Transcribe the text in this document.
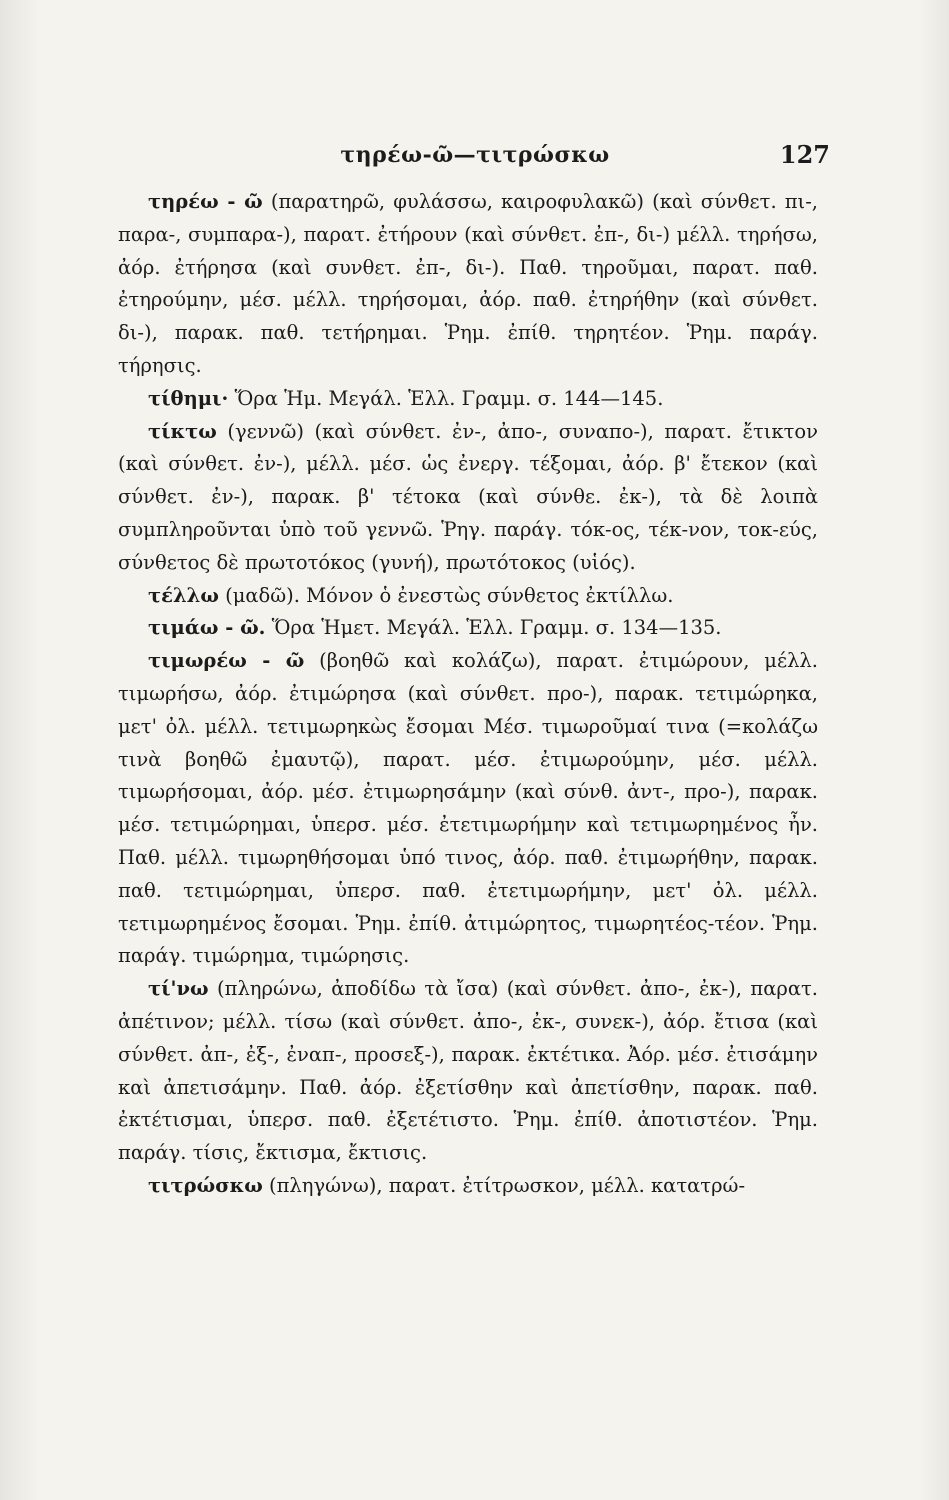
τηρέω-ῶ—τιτρώσκω	127

τηρέω - ῶ (παρατηρῶ, φυλάσσω, καιροφυλακῶ) (καὶ σύνθετ. πι-, παρα-, συμπαρα-), παρατ. ἐτήρουν (καὶ σύνθετ. ἐπ-, δι-) μέλλ. τηρήσω, ἀόρ. ἐτήρησα (καὶ συνθετ. ἐπ-, δι-). Παθ. τηροῦμαι, παρατ. παθ. ἐτηρούμην, μέσ. μέλλ. τηρήσομαι, ἀόρ. παθ. ἐτηρήθην (καὶ σύνθετ. δι-), παρακ. παθ. τετήρημαι. Ῥημ. ἐπίθ. τηρητέον. Ῥημ. παράγ. τήρησις.

τίθημι· Ὅρα Ἡμ. Μεγάλ. Ἑλλ. Γραμμ. σ. 144—145.

τίκτω (γεννῶ) (καὶ σύνθετ. ἐν-, ἀπο-, συναπο-), παρατ. ἔτικτον (καὶ σύνθετ. ἐν-), μέλλ. μέσ. ὡς ἐνεργ. τέξομαι, ἀόρ. β' ἔτεκον (καὶ σύνθετ. ἐν-), παρακ. β' τέτοκα (καὶ σύνθε. ἐκ-), τὰ δὲ λοιπὰ συμπληροῦνται ὑπὸ τοῦ γεννῶ. Ῥηγ. παράγ. τόκ-ος, τέκ-νον, τοκ-εύς, σύνθετος δὲ πρωτοτόκος (γυνή), πρωτότοκος (υἱός).

τέλλω (μαδῶ). Μόνον ὁ ἐνεστὼς σύνθετος ἐκτίλλω.

τιμάω - ῶ. Ὅρα Ἡμετ. Μεγάλ. Ἑλλ. Γραμμ. σ. 134—135.

τιμωρέω - ῶ (βοηθῶ καὶ κολάζω), παρατ. ἐτιμώρουν, μέλλ. τιμωρήσω, ἀόρ. ἐτιμώρησα (καὶ σύνθετ. προ-), παρακ. τετιμώρηκα, μετ' ὀλ. μέλλ. τετιμωρηκὼς ἔσομαι Μέσ. τιμωροῦμαί τινα (=κολάζω τινὰ βοηθῶ ἐμαυτῷ), παρατ. μέσ. ἐτιμωρούμην, μέσ. μέλλ. τιμωρήσομαι, ἀόρ. μέσ. ἐτιμωρησάμην (καὶ σύνθ. ἀντ-, προ-), παρακ. μέσ. τετιμώρημαι, ὑπερσ. μέσ. ἐτετιμωρήμην καὶ τετιμωρημένος ἦν. Παθ. μέλλ. τιμωρηθήσομαι ὑπό τινος, ἀόρ. παθ. ἐτιμωρήθην, παρακ. παθ. τετιμώρημαι, ὑπερσ. παθ. ἐτετιμωρήμην, μετ' ὀλ. μέλλ. τετιμωρημένος ἔσομαι. Ῥημ. ἐπίθ. ἀτιμώρητος, τιμωρητέος-τέον. Ῥημ. παράγ. τιμώρημα, τιμώρησις.

τί'νω (πληρώνω, ἀποδίδω τὰ ἴσα) (καὶ σύνθετ. ἀπο-, ἐκ-), παρατ. ἀπέτινον; μέλλ. τίσω (καὶ σύνθετ. ἀπο-, ἐκ-, συνεκ-), ἀόρ. ἔτισα (καὶ σύνθετ. ἀπ-, ἐξ-, ἐναπ-, προσεξ-), παρακ. ἐκτέτικα. Ἀόρ. μέσ. ἐτισάμην καὶ ἀπετισάμην. Παθ. ἀόρ. ἐξετίσθην καὶ ἀπετίσθην, παρακ. παθ. ἐκτέτισμαι, ὑπερσ. παθ. ἐξετέτιστο. Ῥημ. ἐπίθ. ἀποτιστέον. Ῥημ. παράγ. τίσις, ἔκτισμα, ἔκτισις.

τιτρώσκω (πληγώνω), παρατ. ἐτίτρωσκον, μέλλ. κατατρώ-
